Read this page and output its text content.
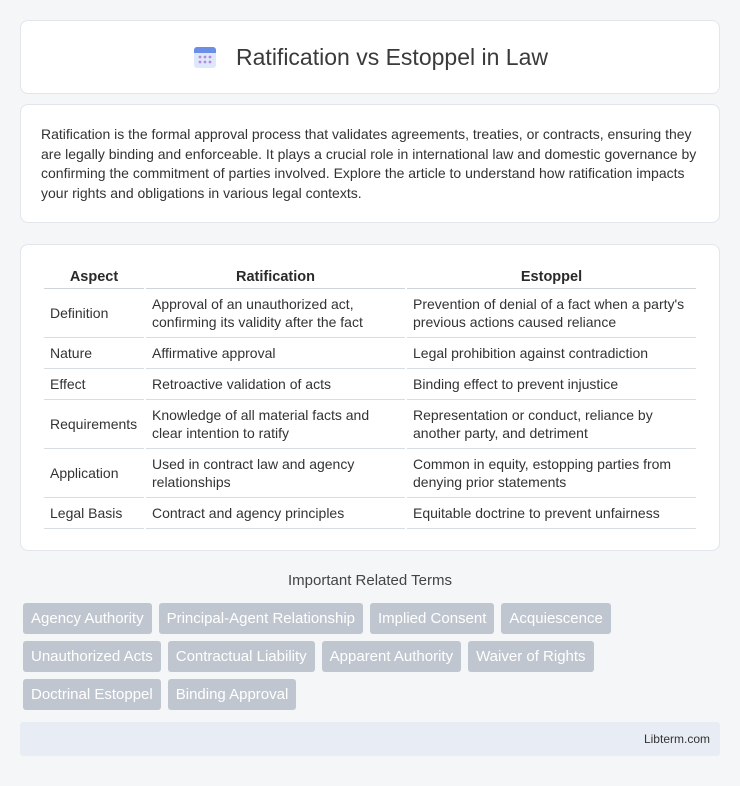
Ratification vs Estoppel in Law

Ratification is the formal approval process that validates agreements, treaties, or contracts, ensuring they are legally binding and enforceable. It plays a crucial role in international law and domestic governance by confirming the commitment of parties involved. Explore the article to understand how ratification impacts your rights and obligations in various legal contexts.

Aspect	Ratification	Estoppel
Definition	Approval of an unauthorized act, confirming its validity after the fact	Prevention of denial of a fact when a party's previous actions caused reliance
Nature	Affirmative approval	Legal prohibition against contradiction
Effect	Retroactive validation of acts	Binding effect to prevent injustice
Requirements	Knowledge of all material facts and clear intention to ratify	Representation or conduct, reliance by another party, and detriment
Application	Used in contract law and agency relationships	Common in equity, estopping parties from denying prior statements
Legal Basis	Contract and agency principles	Equitable doctrine to prevent unfairness
Important Related Terms
Agency Authority	Principal-Agent Relationship	Implied Consent	Acquiescence
Unauthorized Acts	Contractual Liability	Apparent Authority	Waiver of Rights
Doctrinal Estoppel	Binding Approval
Libterm.com
